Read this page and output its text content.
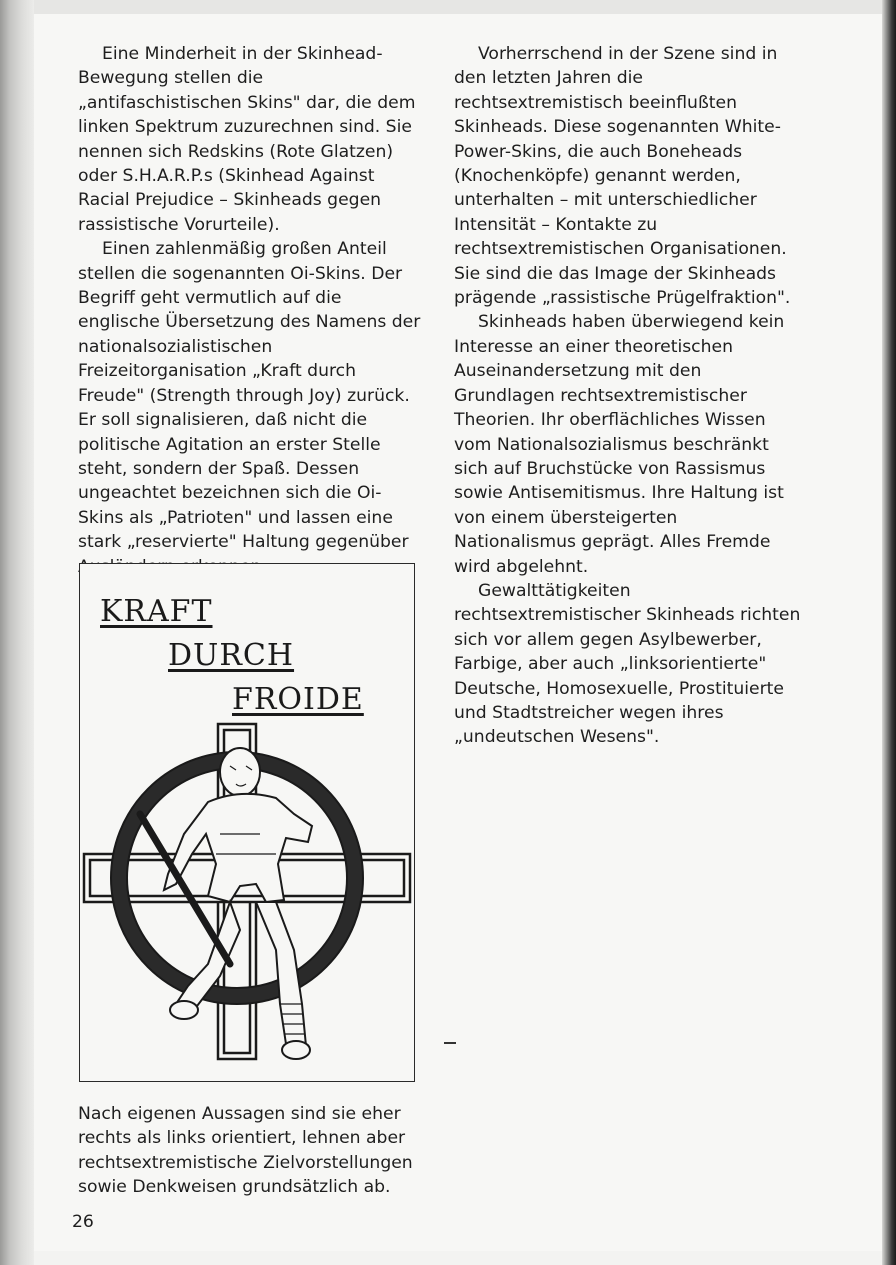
Eine Minderheit in der Skinhead-Bewegung stellen die „antifaschistischen Skins" dar, die dem linken Spektrum zuzurechnen sind. Sie nennen sich Redskins (Rote Glatzen) oder S.H.A.R.P.s (Skinhead Against Racial Prejudice – Skinheads gegen rassistische Vorurteile).

Einen zahlenmäßig großen Anteil stellen die sogenannten Oi-Skins. Der Begriff geht vermutlich auf die englische Übersetzung des Namens der nationalsozialistischen Freizeitorganisation „Kraft durch Freude" (Strength through Joy) zurück. Er soll signalisieren, daß nicht die politische Agitation an erster Stelle steht, sondern der Spaß. Dessen ungeachtet bezeichnen sich die Oi-Skins als „Patrioten" und lassen eine stark „reservierte" Haltung gegenüber

KRAFT
DURCH
FROIDE

Nach eigenen Aussagen sind sie eher rechts als links orientiert, lehnen aber rechtsextremistische Zielvorstellungen sowie Denkweisen grundsätzlich ab.

Vorherrschend in der Szene sind in den letzten Jahren die rechtsextremistisch beeinflußten Skinheads. Diese sogenannten White-Power-Skins, die auch Boneheads (Knochenköpfe) genannt werden, unterhalten – mit unterschiedlicher Intensität – Kontakte zu rechtsextremistischen Organisationen. Sie sind die das Image der Skinheads prägende „rassistische Prügelfraktion".

Skinheads haben überwiegend kein Interesse an einer theoretischen Auseinandersetzung mit den Grundlagen rechtsextremistischer Theorien. Ihr oberflächliches Wissen vom Nationalsozialismus beschränkt sich auf Bruchstücke von Rassismus sowie Antisemitismus. Ihre Haltung ist von einem übersteigerten Nationalismus geprägt. Alles Fremde wird abgelehnt.

Gewalttätigkeiten rechtsextremistischer Skinheads richten sich vor allem gegen Asylbewerber, Farbige, aber auch „linksorientierte" Deutsche, Homosexuelle, Prostituierte und Stadtstreicher wegen ihres „undeutschen Wesens".

26
